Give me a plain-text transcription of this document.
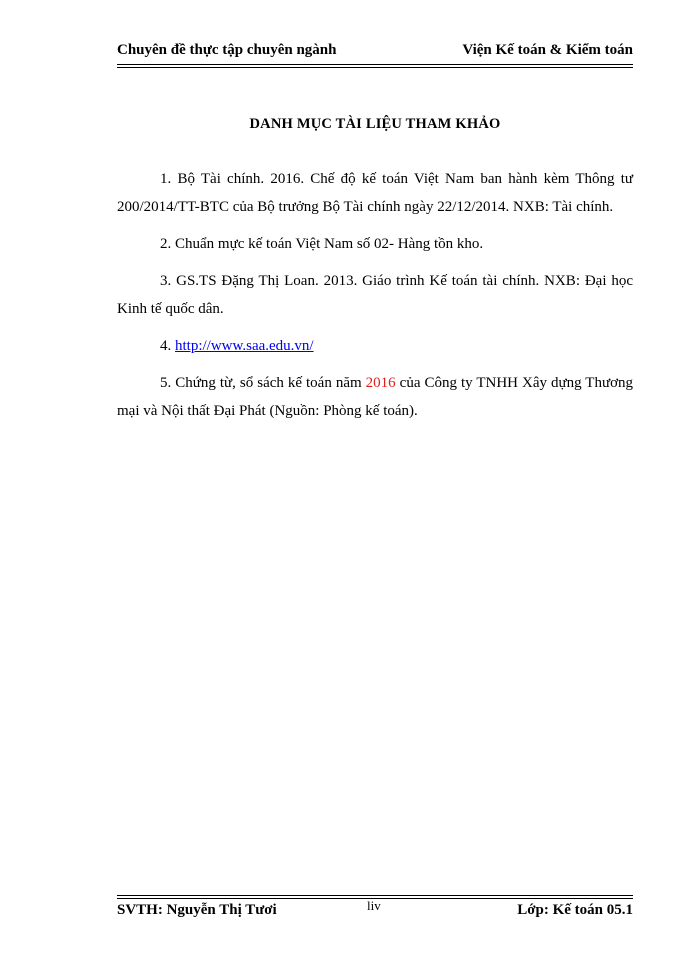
Chuyên đề thực tập chuyên ngành	Viện Kế toán & Kiểm toán
DANH MỤC TÀI LIỆU THAM KHẢO

1. Bộ Tài chính. 2016. Chế độ kế toán Việt Nam ban hành kèm Thông tư 200/2014/TT-BTC của Bộ trưởng Bộ Tài chính ngày 22/12/2014. NXB: Tài chính.

2. Chuẩn mực kế toán Việt Nam số 02- Hàng tồn kho.

3. GS.TS Đặng Thị Loan. 2013. Giáo trình Kế toán tài chính. NXB: Đại học Kinh tế quốc dân.

4. http://www.saa.edu.vn/

5. Chứng từ, sổ sách kế toán năm 2016 của Công ty TNHH Xây dựng Thương mại và Nội thất Đại Phát (Nguồn: Phòng kế toán).

SVTH: Nguyễn Thị Tươi	liv	Lớp: Kế toán 05.1
